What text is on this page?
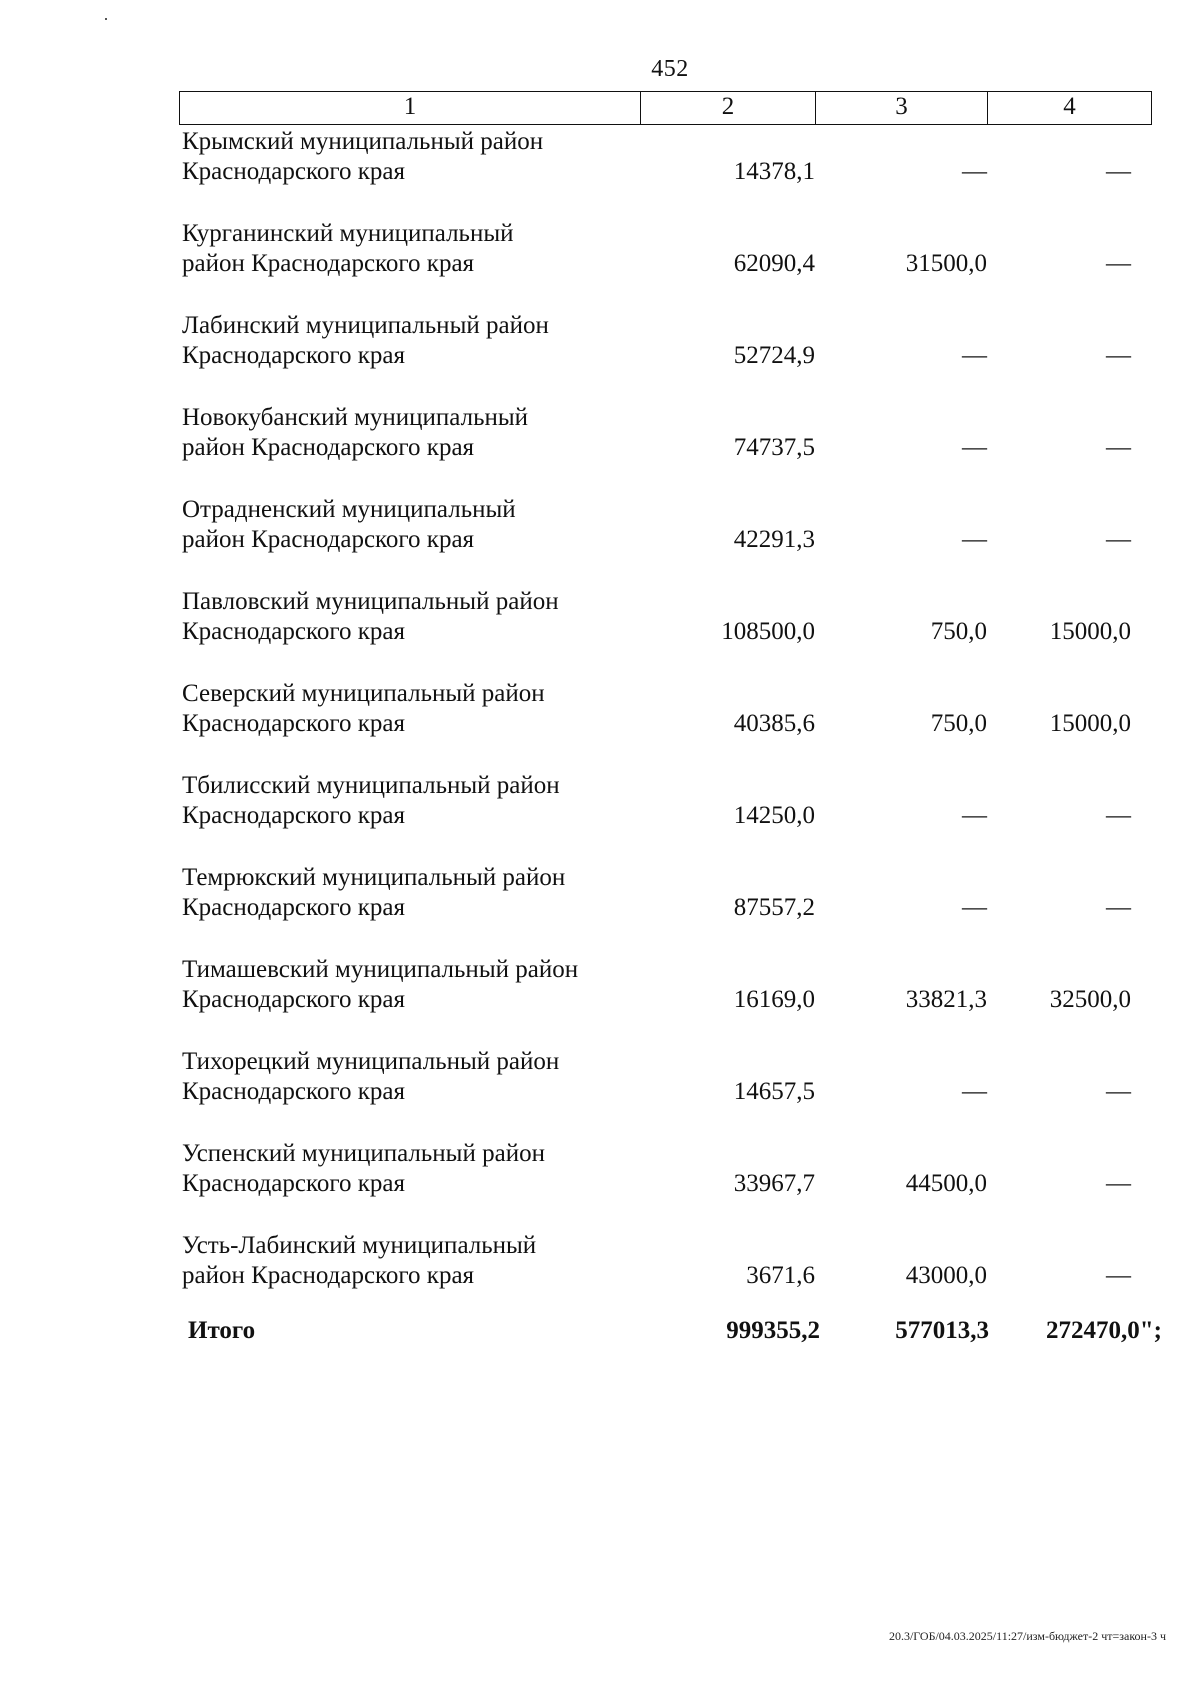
452
1	2	3	4
Крымский муниципальный район
Краснодарского края	14378,1	—	—
Курганинский муниципальный
район Краснодарского края	62090,4	31500,0	—
Лабинский муниципальный район
Краснодарского края	52724,9	—	—
Новокубанский муниципальный
район Краснодарского края	74737,5	—	—
Отрадненский муниципальный
район Краснодарского края	42291,3	—	—
Павловский муниципальный район
Краснодарского края	108500,0	750,0	15000,0
Северский муниципальный район
Краснодарского края	40385,6	750,0	15000,0
Тбилисский муниципальный район
Краснодарского края	14250,0	—	—
Темрюкский муниципальный район
Краснодарского края	87557,2	—	—
Тимашевский муниципальный район
Краснодарского края	16169,0	33821,3	32500,0
Тихорецкий муниципальный район
Краснодарского края	14657,5	—	—
Успенский муниципальный район
Краснодарского края	33967,7	44500,0	—
Усть-Лабинский муниципальный
район Краснодарского края	3671,6	43000,0	—
Итого	999355,2	577013,3 272470,0";
20.3/ГОБ/04.03.2025/11:27/изм-бюджет-2 чт=закон-3 ч
